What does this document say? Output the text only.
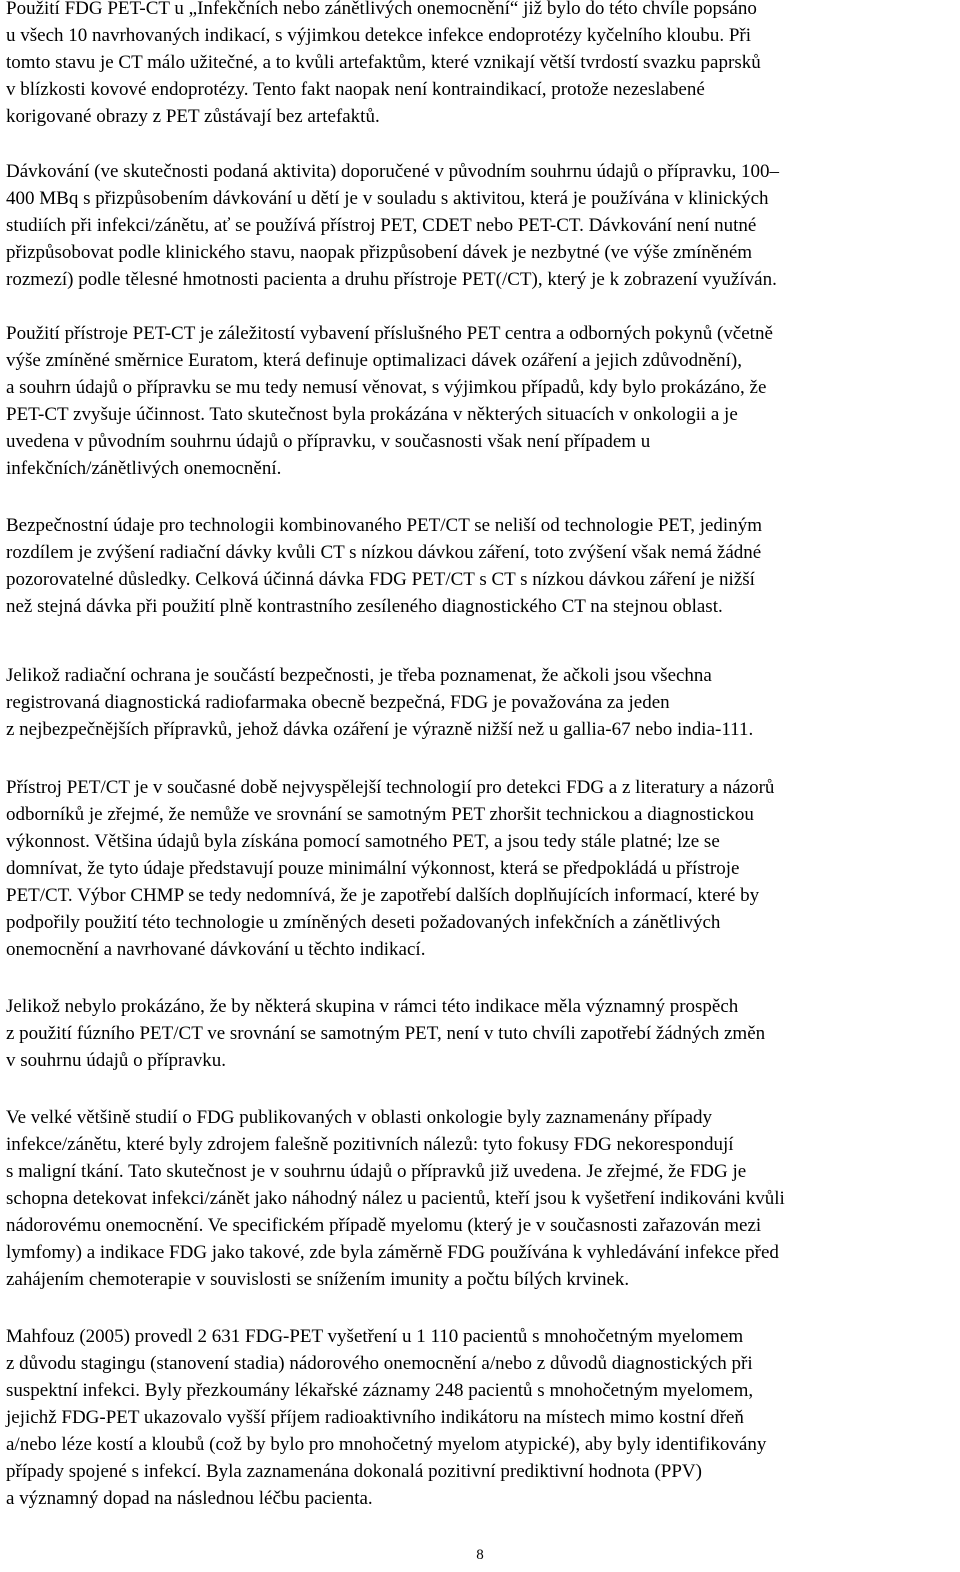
Použití FDG PET-CT u „Infekčních nebo zánětlivých onemocnění“ již bylo do této chvíle popsáno
u všech 10 navrhovaných indikací, s výjimkou detekce infekce endoprotézy kyčelního kloubu. Při
tomto stavu je CT málo užitečné, a to kvůli artefaktům, které vznikají větší tvrdostí svazku paprsků
v blízkosti kovové endoprotézy. Tento fakt naopak není kontraindikací, protože nezeslabené
korigované obrazy z PET zůstávají bez artefaktů.

Dávkování (ve skutečnosti podaná aktivita) doporučené v původním souhrnu údajů o přípravku, 100–
400 MBq s přizpůsobením dávkování u dětí je v souladu s aktivitou, která je používána v klinických
studiích při infekci/zánětu, ať se používá přístroj PET, CDET nebo PET-CT. Dávkování není nutné
přizpůsobovat podle klinického stavu, naopak přizpůsobení dávek je nezbytné (ve výše zmíněném
rozmezí) podle tělesné hmotnosti pacienta a druhu přístroje PET(/CT), který je k zobrazení využíván.

Použití přístroje PET-CT je záležitostí vybavení příslušného PET centra a odborných pokynů (včetně
výše zmíněné směrnice Euratom, která definuje optimalizaci dávek ozáření a jejich zdůvodnění),
a souhrn údajů o přípravku se mu tedy nemusí věnovat, s výjimkou případů, kdy bylo prokázáno, že
PET-CT zvyšuje účinnost. Tato skutečnost byla prokázána v některých situacích v onkologii a je
uvedena v původním souhrnu údajů o přípravku, v současnosti však není případem u
infekčních/zánětlivých onemocnění.

Bezpečnostní údaje pro technologii kombinovaného PET/CT se neliší od technologie PET, jediným
rozdílem je zvýšení radiační dávky kvůli CT s nízkou dávkou záření, toto zvýšení však nemá žádné
pozorovatelné důsledky. Celková účinná dávka FDG PET/CT s CT s nízkou dávkou záření je nižší
než stejná dávka při použití plně kontrastního zesíleného diagnostického CT na stejnou oblast.

Jelikož radiační ochrana je součástí bezpečnosti, je třeba poznamenat, že ačkoli jsou všechna
registrovaná diagnostická radiofarmaka obecně bezpečná, FDG je považována za jeden
z nejbezpečnějších přípravků, jehož dávka ozáření je výrazně nižší než u gallia-67 nebo india-111.

Přístroj PET/CT je v současné době nejvyspělejší technologií pro detekci FDG a z literatury a názorů
odborníků je zřejmé, že nemůže ve srovnání se samotným PET zhoršit technickou a diagnostickou
výkonnost. Většina údajů byla získána pomocí samotného PET, a jsou tedy stále platné; lze se
domnívat, že tyto údaje představují pouze minimální výkonnost, která se předpokládá u přístroje
PET/CT. Výbor CHMP se tedy nedomnívá, že je zapotřebí dalších doplňujících informací, které by
podpořily použití této technologie u zmíněných deseti požadovaných infekčních a zánětlivých
onemocnění a navrhované dávkování u těchto indikací.

Jelikož nebylo prokázáno, že by některá skupina v rámci této indikace měla významný prospěch
z použití fúzního PET/CT ve srovnání se samotným PET, není v tuto chvíli zapotřebí žádných změn
v souhrnu údajů o přípravku.

Ve velké většině studií o FDG publikovaných v oblasti onkologie byly zaznamenány případy
infekce/zánětu, které byly zdrojem falešně pozitivních nálezů: tyto fokusy FDG nekorespondují
s maligní tkání. Tato skutečnost je v souhrnu údajů o přípravků již uvedena. Je zřejmé, že FDG je
schopna detekovat infekci/zánět jako náhodný nález u pacientů, kteří jsou k vyšetření indikováni kvůli
nádorovému onemocnění. Ve specifickém případě myelomu (který je v současnosti zařazován mezi
lymfomy) a indikace FDG jako takové, zde byla záměrně FDG používána k vyhledávání infekce před
zahájením chemoterapie v souvislosti se snížením imunity a počtu bílých krvinek.

Mahfouz (2005) provedl 2 631 FDG-PET vyšetření u 1 110 pacientů s mnohočetným myelomem
z důvodu stagingu (stanovení stadia) nádorového onemocnění a/nebo z důvodů diagnostických při
suspektní infekci. Byly přezkoumány lékařské záznamy 248 pacientů s mnohočetným myelomem,
jejichž FDG-PET ukazovalo vyšší příjem radioaktivního indikátoru na místech mimo kostní dřeň
a/nebo léze kostí a kloubů (což by bylo pro mnohočetný myelom atypické), aby byly identifikovány
případy spojené s infekcí. Byla zaznamenána dokonalá pozitivní prediktivní hodnota (PPV)
a významný dopad na následnou léčbu pacienta.

8
